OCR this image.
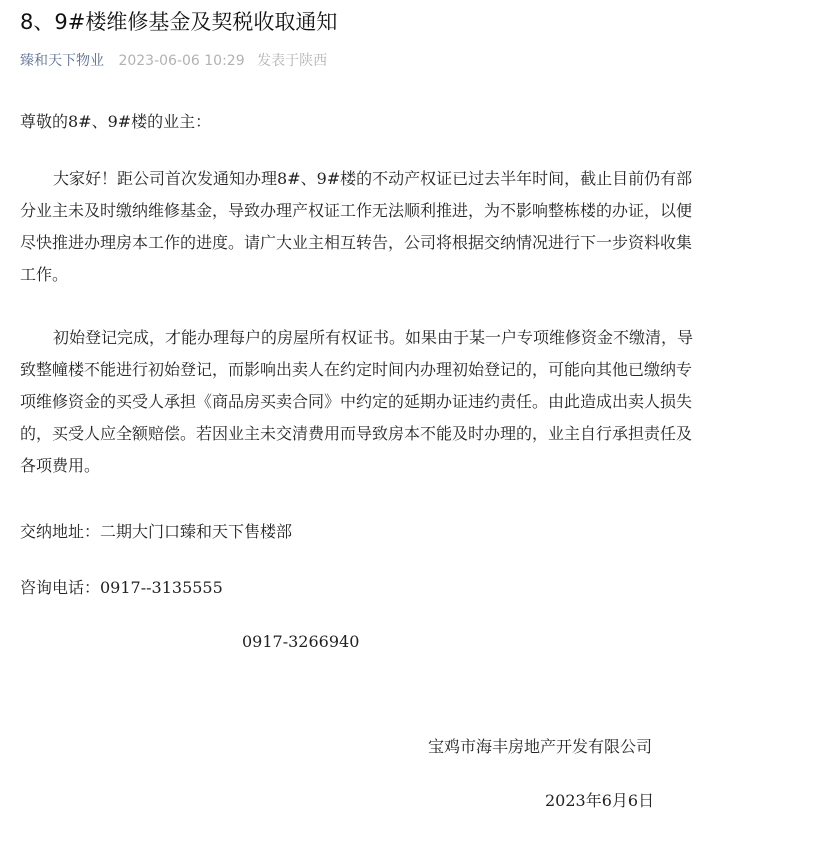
8、9#楼维修基金及契税收取通知
臻和天下物业 2023-06-06 10:29 发表于陕西

尊敬的8#、9#楼的业主：

大家好！距公司首次发通知办理8#、9#楼的不动产权证已过去半年时间，截止目前仍有部分业主未及时缴纳维修基金，导致办理产权证工作无法顺利推进，为不影响整栋楼的办证，以便尽快推进办理房本工作的进度。请广大业主相互转告，公司将根据交纳情况进行下一步资料收集工作。

初始登记完成，才能办理每户的房屋所有权证书。如果由于某一户专项维修资金不缴清，导致整幢楼不能进行初始登记，而影响出卖人在约定时间内办理初始登记的，可能向其他已缴纳专项维修资金的买受人承担《商品房买卖合同》中约定的延期办证违约责任。由此造成出卖人损失的，买受人应全额赔偿。若因业主未交清费用而导致房本不能及时办理的，业主自行承担责任及各项费用。

交纳地址：二期大门口臻和天下售楼部

咨询电话：0917--3135555

0917-3266940

宝鸡市海丰房地产开发有限公司

2023年6月6日
